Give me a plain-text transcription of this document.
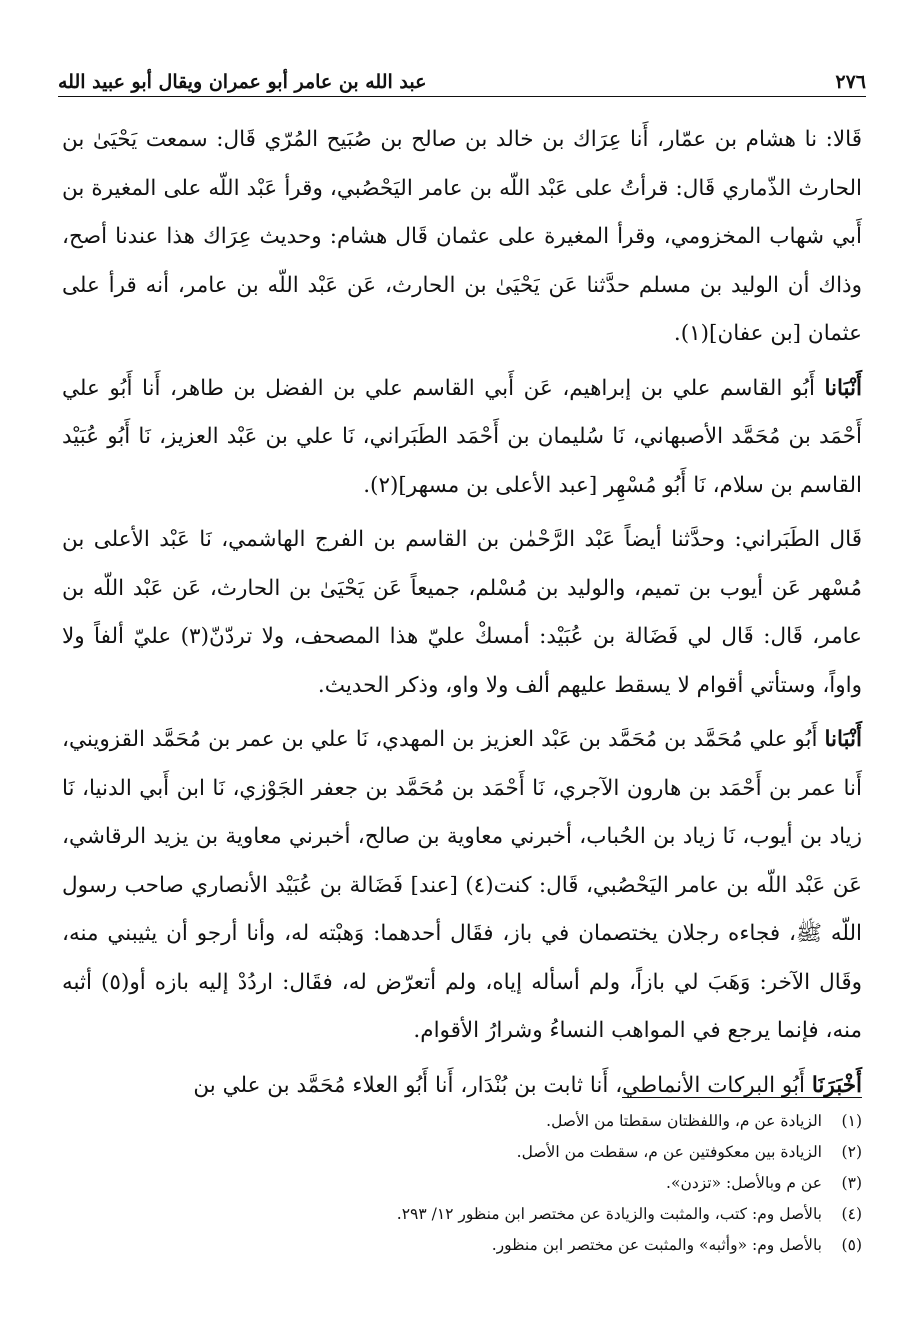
٢٧٦
عبد الله بن عامر أبو عمران ويقال أبو عبيد الله

قَالا: نا هشام بن عمّار، أَنا عِرَاك بن خالد بن صالح بن صُبَيح المُرّي قَال: سمعت يَحْيَىٰ بن الحارث الذّماري قَال: قرأتُ على عَبْد اللّه بن عامر اليَحْصُبي، وقرأ عَبْد اللّه على المغيرة بن أَبي شهاب المخزومي، وقرأ المغيرة على عثمان قَال هشام: وحديث عِرَاك هذا عندنا أصح، وذاك أن الوليد بن مسلم حدَّثنا عَن يَحْيَىٰ بن الحارث، عَن عَبْد اللّه بن عامر، أنه قرأ على عثمان [بن عفان](١).

أَنْبَانا أَبُو القاسم علي بن إبراهيم، عَن أَبي القاسم علي بن الفضل بن طاهر، أَنا أَبُو علي أَحْمَد بن مُحَمَّد الأصبهاني، نَا سُليمان بن أَحْمَد الطَبَراني، نَا علي بن عَبْد العزيز، نَا أَبُو عُبَيْد القاسم بن سلام، نَا أَبُو مُسْهِر [عبد الأعلى بن مسهر](٢).

قَال الطَبَراني: وحدَّثنا أيضاً عَبْد الرَّحْمٰن بن القاسم بن الفرج الهاشمي، نَا عَبْد الأعلى بن مُسْهر عَن أيوب بن تميم، والوليد بن مُسْلم، جميعاً عَن يَحْيَىٰ بن الحارث، عَن عَبْد اللّه بن عامر، قَال: قَال لي فَضَالة بن عُبَيْد: أمسكْ عليّ هذا المصحف، ولا تردّنّ(٣) عليّ ألفاً ولا واواً، وستأتي أقوام لا يسقط عليهم ألف ولا واو، وذكر الحديث.

أَنْبَانا أَبُو علي مُحَمَّد بن مُحَمَّد بن عَبْد العزيز بن المهدي، نَا علي بن عمر بن مُحَمَّد القزويني، أَنا عمر بن أَحْمَد بن هارون الآجري، نَا أَحْمَد بن مُحَمَّد بن جعفر الجَوْزي، نَا ابن أَبي الدنيا، نَا زياد بن أيوب، نَا زياد بن الحُباب، أخبرني معاوية بن صالح، أخبرني معاوية بن يزيد الرقاشي، عَن عَبْد اللّه بن عامر اليَحْصُبي، قَال: كنت(٤) [عند] فَضَالة بن عُبَيْد الأنصاري صاحب رسول اللّه ﷺ، فجاءه رجلان يختصمان في باز، فقَال أحدهما: وَهبْته له، وأنا أرجو أن يثيبني منه، وقَال الآخر: وَهَبَ لي بازاً، ولم أسأله إياه، ولم أتعرّض له، فقَال: اردُدْ إليه بازه أو(٥) أثبه منه، فإنما يرجع في المواهب النساءُ وشرارُ الأقوام.

أَخْبَرَنَا أَبُو البركات الأنماطي، أَنا ثابت بن بُنْدَار، أَنا أَبُو العلاء مُحَمَّد بن علي بن

(١)
الزيادة عن م، واللفظتان سقطتا من الأصل.
(٢)
الزيادة بين معكوفتين عن م، سقطت من الأصل.
(٣)
عن م وبالأصل: «تزدن».
(٤)
بالأصل وم: كتب، والمثبت والزيادة عن مختصر ابن منظور ١٢/ ٢٩٣.
(٥)
بالأصل وم: «وأثبه» والمثبت عن مختصر ابن منظور.
